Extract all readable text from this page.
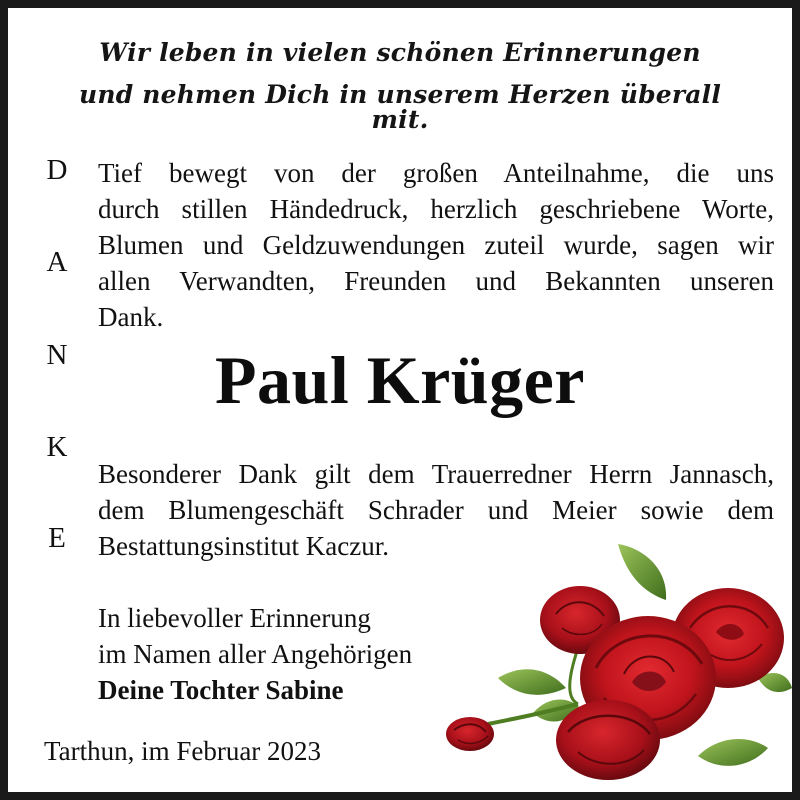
Wir leben in vielen schönen Erinnerungen
und nehmen Dich in unserem Herzen überall mit.
D
A
N
K
E
Tief bewegt von der großen Anteilnahme, die uns
durch stillen Händedruck, herzlich geschriebene Worte,
Blumen und Geldzuwendungen zuteil wurde, sagen wir
allen Verwandten, Freunden und Bekannten unseren
Dank.
Paul Krüger
Besonderer Dank gilt dem Trauerredner Herrn Jannasch,
dem Blumengeschäft Schrader und Meier sowie dem
Bestattungsinstitut Kaczur.
In liebevoller Erinnerung
im Namen aller Angehörigen
Deine Tochter Sabine
Tarthun, im Februar 2023
